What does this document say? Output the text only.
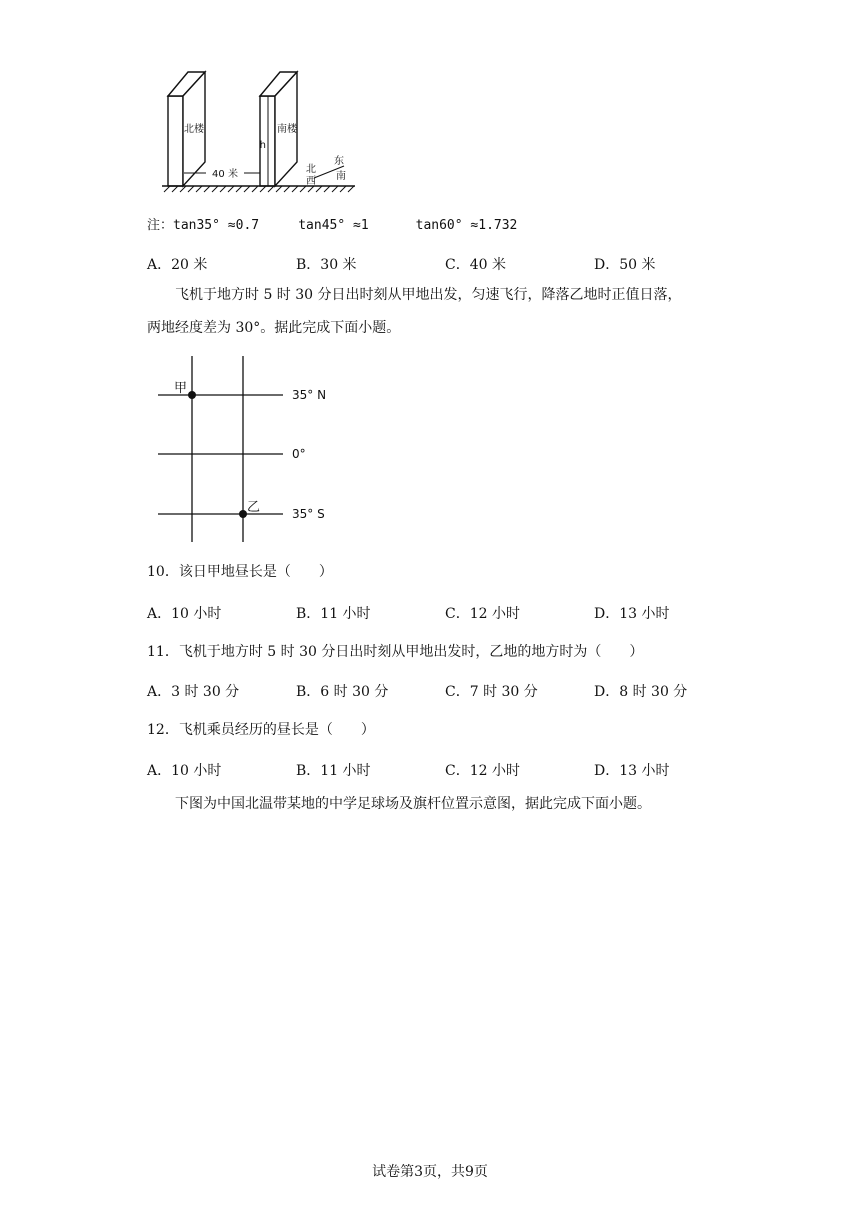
北楼	南楼
h
40 米
东
北
西 南
注：tan35° ≈0.7     tan45° ≈1      tan60° ≈1.732
A．20 米	B．30 米	C．40 米	D．50 米
飞机于地方时 5 时 30 分日出时刻从甲地出发，匀速飞行，降落乙地时正值日落，
两地经度差为 30°。据此完成下面小题。
甲
乙
35° N
0°
35° S
10．该日甲地昼长是（　　）
A．10 小时	B．11 小时	C．12 小时	D．13 小时
11．飞机于地方时 5 时 30 分日出时刻从甲地出发时，乙地的地方时为（　　）
A．3 时 30 分	B．6 时 30 分	C．7 时 30 分	D．8 时 30 分
12．飞机乘员经历的昼长是（　　）
A．10 小时	B．11 小时	C．12 小时	D．13 小时
下图为中国北温带某地的中学足球场及旗杆位置示意图，据此完成下面小题。
试卷第3页，共9页
